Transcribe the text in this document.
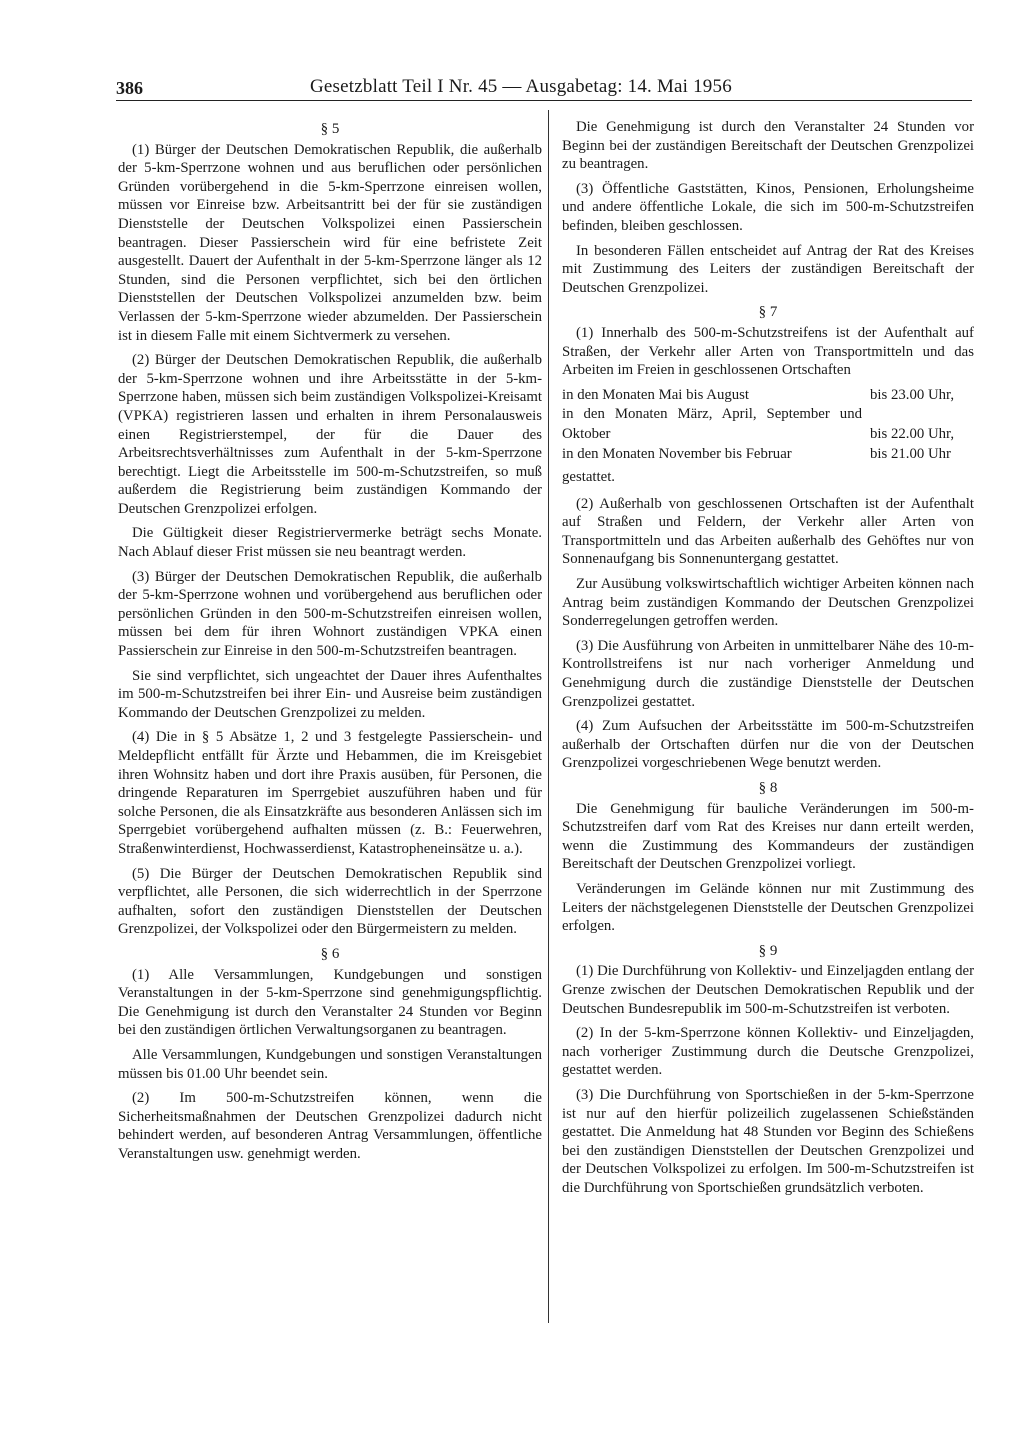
386	Gesetzblatt Teil I Nr. 45 — Ausgabetag: 14. Mai 1956

§ 5

(1) Bürger der Deutschen Demokratischen Republik, die außerhalb der 5-km-Sperrzone wohnen und aus beruflichen oder persönlichen Gründen vorübergehend in die 5-km-Sperrzone einreisen wollen, müssen vor Einreise bzw. Arbeitsantritt bei der für sie zuständigen Dienststelle der Deutschen Volkspolizei einen Passierschein beantragen. Dieser Passierschein wird für eine befristete Zeit ausgestellt. Dauert der Aufenthalt in der 5-km-Sperrzone länger als 12 Stunden, sind die Personen verpflichtet, sich bei den örtlichen Dienststellen der Deutschen Volkspolizei anzumelden bzw. beim Verlassen der 5-km-Sperrzone wieder abzumelden. Der Passierschein ist in diesem Falle mit einem Sichtvermerk zu versehen.

(2) Bürger der Deutschen Demokratischen Republik, die außerhalb der 5-km-Sperrzone wohnen und ihre Arbeitsstätte in der 5-km-Sperrzone haben, müssen sich beim zuständigen Volkspolizei-Kreisamt (VPKA) registrieren lassen und erhalten in ihrem Personalausweis einen Registrierstempel, der für die Dauer des Arbeitsrechtsverhältnisses zum Aufenthalt in der 5-km-Sperrzone berechtigt. Liegt die Arbeitsstelle im 500-m-Schutzstreifen, so muß außerdem die Registrierung beim zuständigen Kommando der Deutschen Grenzpolizei erfolgen.

Die Gültigkeit dieser Registriervermerke beträgt sechs Monate. Nach Ablauf dieser Frist müssen sie neu beantragt werden.

(3) Bürger der Deutschen Demokratischen Republik, die außerhalb der 5-km-Sperrzone wohnen und vorübergehend aus beruflichen oder persönlichen Gründen in den 500-m-Schutzstreifen einreisen wollen, müssen bei dem für ihren Wohnort zuständigen VPKA einen Passierschein zur Einreise in den 500-m-Schutzstreifen beantragen.

Sie sind verpflichtet, sich ungeachtet der Dauer ihres Aufenthaltes im 500-m-Schutzstreifen bei ihrer Ein- und Ausreise beim zuständigen Kommando der Deutschen Grenzpolizei zu melden.

(4) Die in § 5 Absätze 1, 2 und 3 festgelegte Passierschein- und Meldepflicht entfällt für Ärzte und Hebammen, die im Kreisgebiet ihren Wohnsitz haben und dort ihre Praxis ausüben, für Personen, die dringende Reparaturen im Sperrgebiet auszuführen haben und für solche Personen, die als Einsatzkräfte aus besonderen Anlässen sich im Sperrgebiet vorübergehend aufhalten müssen (z. B.: Feuerwehren, Straßenwinterdienst, Hochwasserdienst, Katastropheneinsätze u. a.).

(5) Die Bürger der Deutschen Demokratischen Republik sind verpflichtet, alle Personen, die sich widerrechtlich in der Sperrzone aufhalten, sofort den zuständigen Dienststellen der Deutschen Grenzpolizei, der Volkspolizei oder den Bürgermeistern zu melden.

§ 6

(1) Alle Versammlungen, Kundgebungen und sonstigen Veranstaltungen in der 5-km-Sperrzone sind genehmigungspflichtig. Die Genehmigung ist durch den Veranstalter 24 Stunden vor Beginn bei den zuständigen örtlichen Verwaltungsorganen zu beantragen.

Alle Versammlungen, Kundgebungen und sonstigen Veranstaltungen müssen bis 01.00 Uhr beendet sein.

(2) Im 500-m-Schutzstreifen können, wenn die Sicherheitsmaßnahmen der Deutschen Grenzpolizei dadurch nicht behindert werden, auf besonderen Antrag Versammlungen, öffentliche Veranstaltungen usw. genehmigt werden.

Die Genehmigung ist durch den Veranstalter 24 Stunden vor Beginn bei der zuständigen Bereitschaft der Deutschen Grenzpolizei zu beantragen.

(3) Öffentliche Gaststätten, Kinos, Pensionen, Erholungsheime und andere öffentliche Lokale, die sich im 500-m-Schutzstreifen befinden, bleiben geschlossen.

In besonderen Fällen entscheidet auf Antrag der Rat des Kreises mit Zustimmung des Leiters der zuständigen Bereitschaft der Deutschen Grenzpolizei.

§ 7

(1) Innerhalb des 500-m-Schutzstreifens ist der Aufenthalt auf Straßen, der Verkehr aller Arten von Transportmitteln und das Arbeiten im Freien in geschlossenen Ortschaften

in den Monaten Mai bis August	bis 23.00 Uhr,
in den Monaten März, April, September und Oktober	bis 22.00 Uhr,
in den Monaten November bis Februar	bis 21.00 Uhr

gestattet.

(2) Außerhalb von geschlossenen Ortschaften ist der Aufenthalt auf Straßen und Feldern, der Verkehr aller Arten von Transportmitteln und das Arbeiten außerhalb des Gehöftes nur von Sonnenaufgang bis Sonnenuntergang gestattet.

Zur Ausübung volkswirtschaftlich wichtiger Arbeiten können nach Antrag beim zuständigen Kommando der Deutschen Grenzpolizei Sonderregelungen getroffen werden.

(3) Die Ausführung von Arbeiten in unmittelbarer Nähe des 10-m-Kontrollstreifens ist nur nach vorheriger Anmeldung und Genehmigung durch die zuständige Dienststelle der Deutschen Grenzpolizei gestattet.

(4) Zum Aufsuchen der Arbeitsstätte im 500-m-Schutzstreifen außerhalb der Ortschaften dürfen nur die von der Deutschen Grenzpolizei vorgeschriebenen Wege benutzt werden.

§ 8

Die Genehmigung für bauliche Veränderungen im 500-m-Schutzstreifen darf vom Rat des Kreises nur dann erteilt werden, wenn die Zustimmung des Kommandeurs der zuständigen Bereitschaft der Deutschen Grenzpolizei vorliegt.

Veränderungen im Gelände können nur mit Zustimmung des Leiters der nächstgelegenen Dienststelle der Deutschen Grenzpolizei erfolgen.

§ 9

(1) Die Durchführung von Kollektiv- und Einzeljagden entlang der Grenze zwischen der Deutschen Demokratischen Republik und der Deutschen Bundesrepublik im 500-m-Schutzstreifen ist verboten.

(2) In der 5-km-Sperrzone können Kollektiv- und Einzeljagden, nach vorheriger Zustimmung durch die Deutsche Grenzpolizei, gestattet werden.

(3) Die Durchführung von Sportschießen in der 5-km-Sperrzone ist nur auf den hierfür polizeilich zugelassenen Schießständen gestattet. Die Anmeldung hat 48 Stunden vor Beginn des Schießens bei den zuständigen Dienststellen der Deutschen Grenzpolizei und der Deutschen Volkspolizei zu erfolgen. Im 500-m-Schutzstreifen ist die Durchführung von Sportschießen grundsätzlich verboten.
